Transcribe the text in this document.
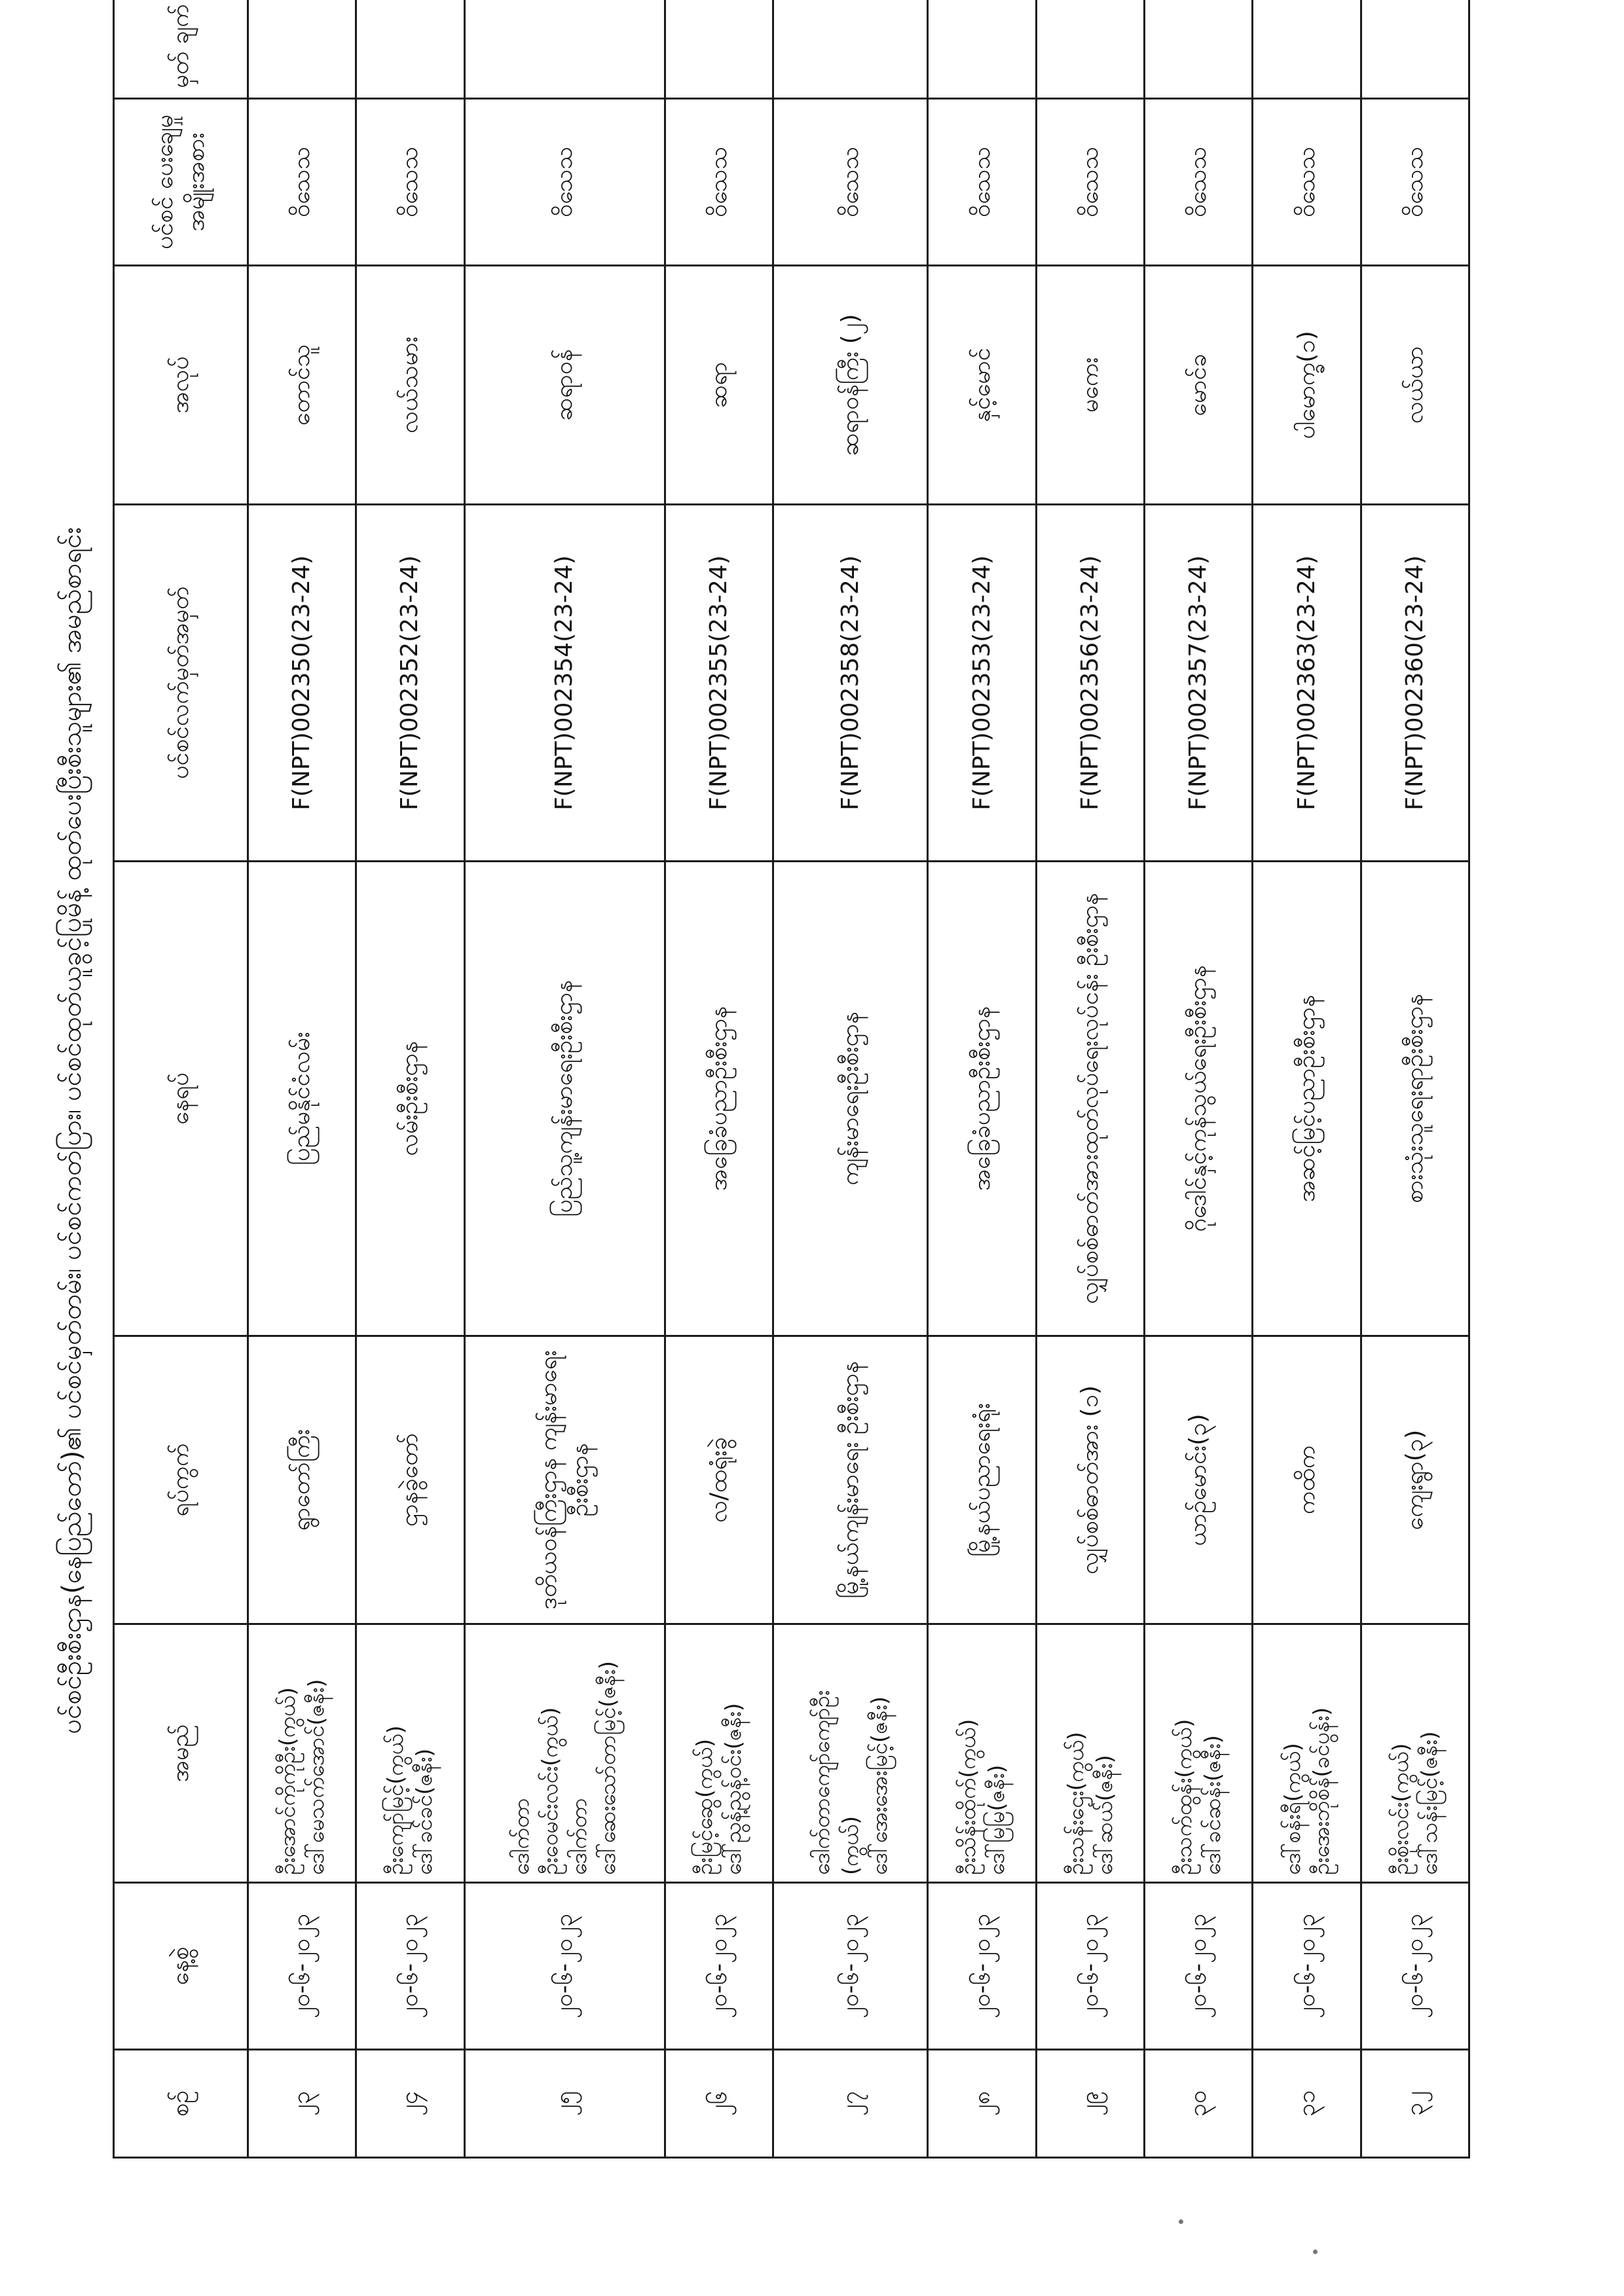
ပင်စင်ဦးစီးဌာန(နေပြည်တော်)၏ ပင်စင်မှတ်တမ်း၊ ပင်စင်ကတ်ပြား၊ ပင်စင်ထုတ်ယူခွင့်ပြုမိန့် ထုတ်ပေးပြီးစီးသူများ၏ အမည်စာရင်း
စဉ်	နေ့စွဲ	အမည်	ရပ်ကွက်	နေရပ်	ပင်စင်လက်မှတ်အမှတ်	အလုပ်	ပင်စင် ပေးချေမှုအမျိုးအစား	မှတ် ချက်
၂၃	၂၀-၆-၂၀၂၃	ဦးအောင်ကိုကိုဦး(ကွယ်) ဒေါ်မေသက်အောင်(ဇနီး)	ရွာတော်ကြီး	ပြည်မနိုင်ငံလမ်း	F(NPT)002350(23-24)	တောင်သူ	ဝိသေသ	
၂၄	၂၀-၆-၂၀၂၃	ဦးကျော်မြင့်(ကွယ်) ဒေါ်ခင်ခင်(ဇနီး)	ဌာနခွဲတော်	လမ်းဦးစီးဌာန	F(NPT)002352(23-24)	လယ်သမား	ဝိသေသ	
၂၅	၂၀-၆-၂၀၂၃	ဒေါက်တာ ဦးဝေမင်းလင်း(ကွယ်) ဒေါက်တာ ဒေါ်ဆေးသော်တာမြင့်(ဇနီး)	ဒုတိယဝန်ကြီးဌာန ကျန်းမာရေးဦးစီးဌာန	ပြည်သူ့ကျန်းမာရေးဦးစီးဌာန	F(NPT)002354(23-24)	ဆရာဝန်	ဝိသေသ	
၂၆	၂၀-၆-၂၀၂၃	ဦးမြင့်ဆွေ(ကွယ်) ဒေါ်ညွန့်ညွန့်ဝင်း(ဇနီး)	လ/ထရုံးခွဲ	အခြေခံပညာဦးစီးဌာန	F(NPT)002355(23-24)	ဆရာ	ဝိသေသ	
၂၇	၂၀-၆-၂၀၂၃	ဒေါက်တာကျော်ကျော်ဦး (ကွယ်) ဒေါ်အေးအေးမြင့်(ဇနီး)	မြို့နယ်ကျန်းမာရေး ဦးစီးဌာန	ကျန်းမာရေးဦးစီးဌာန	F(NPT)002358(23-24)	ဆရာဝန်ကြီး (၂)	ဝိသေသ	
၂၈	၂၀-၆-၂၀၂၃	ဦးသိန်းထိုက်(ကွယ်) ဒေါ်မြမြ(ဇနီး)	မြို့နယ်ပညာရေးရုံး	အခြေခံပညာဦးစီးဌာန	F(NPT)002353(23-24)	နှင့်မောင်	ဝိသေသ	
၂၉	၂၀-၆-၂၀၂၃	ဦးသန်းဌေး(ကွယ်) ဒေါ်ဆယ်(ဇနီး)	လျှပ်စစ်ဓာတ်အား (၁)	လျှပ်စစ်ဓာတ်အားထုတ်လုပ်ရေးလုပ်ငန်း ဦးစီးဌာန	F(NPT)002356(23-24)	မကေး	ဝိသေသ	
၃၀	၂၀-၆-၂၀၂၃	ဦးသက်ထွန်း(ကွယ်) ဒေါ်ခင်ဆန်း(ဇနီး)	ယာဉ်မောင်း(၃)	ဂိုဒေါင်နှင့်ကုန်သွယ်ရေးဦးစီးဌာန	F(NPT)002357(23-24)	မောင်ခ	ဝိသေသ	
၃၁	၂၀-၆-၂၀၂၃	ဒေါ်စန်းရီ(ကွယ်) ဦးအေးဘိုစိန်(ခင်ပွန်း)	ကထိက	အဆင့်မြင့်ပညာဦးစီးဌာန	F(NPT)002363(23-24)	ပါမောက္ခ(၁)	ဝိသေသ	
၃၂	၂၀-၆-၂၀၂၃	ဦးစိုးလင်း(ကွယ်) ဒေါ်သန်းမြင့်(ဇနီး)	ကျေးရွာ(၃)	စားသုံးသူရေးရာဦးစီးဌာန	F(NPT)002360(23-24)	လယ်ယာ	ဝိသေသ	
